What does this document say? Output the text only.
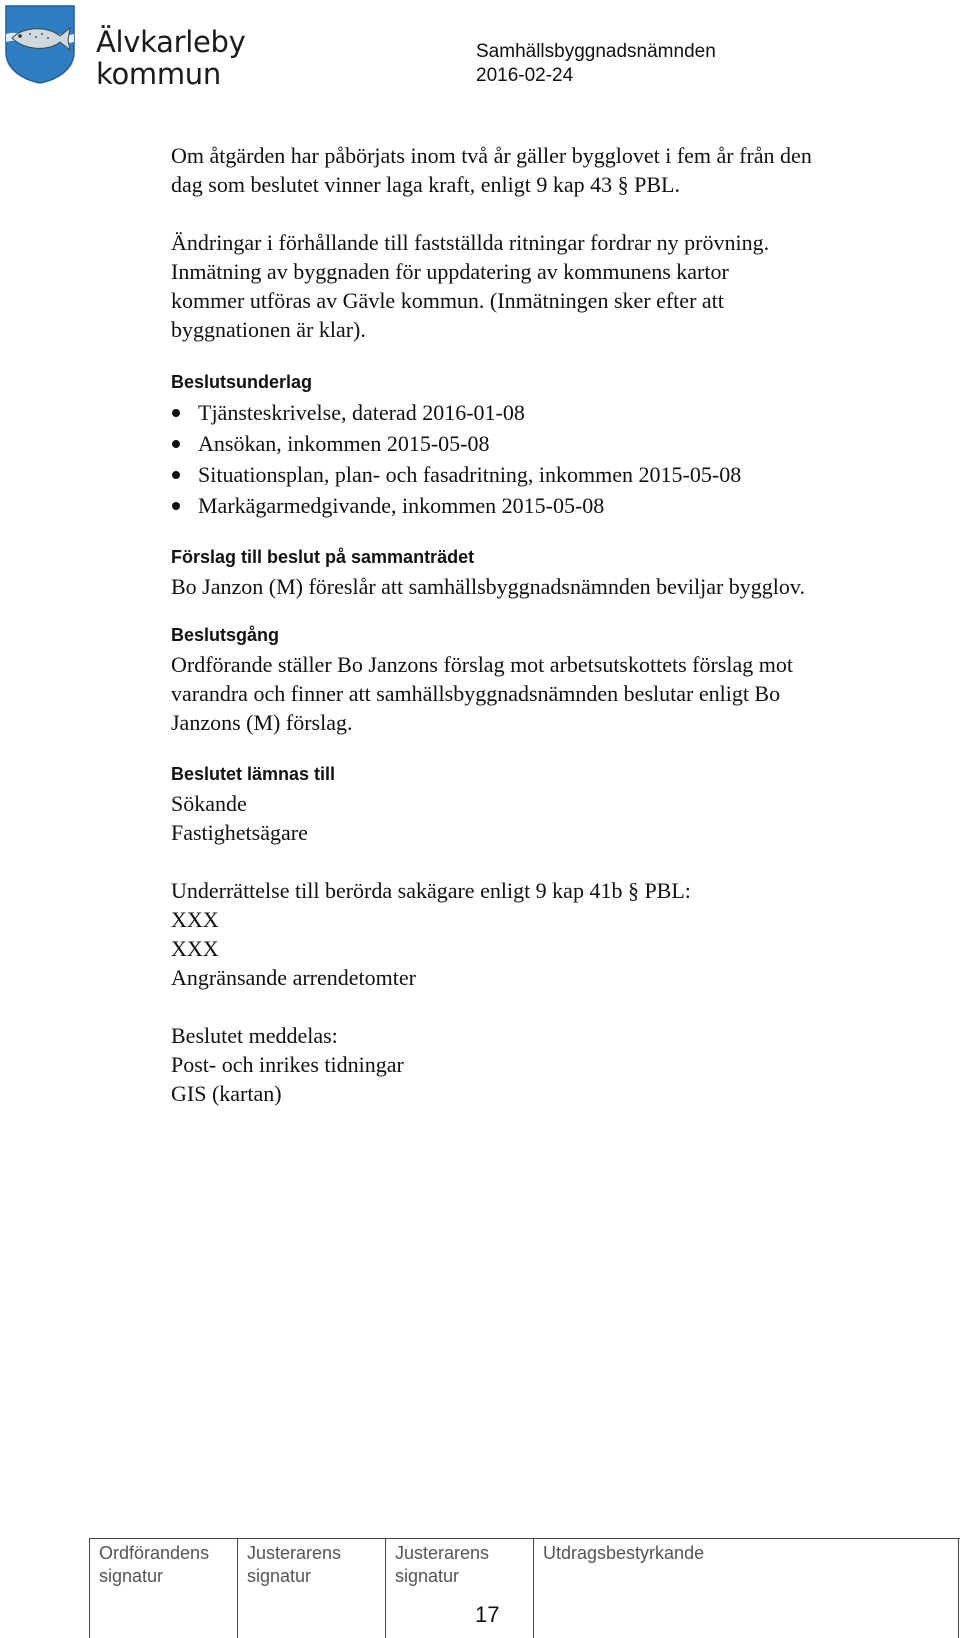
Älvkarleby
kommun
Samhällsbyggnadsnämnden
2016-02-24

Om åtgärden har påbörjats inom två år gäller bygglovet i fem år från den
dag som beslutet vinner laga kraft, enligt 9 kap 43 § PBL.

Ändringar i förhållande till fastställda ritningar fordrar ny prövning.
Inmätning av byggnaden för uppdatering av kommunens kartor
kommer utföras av Gävle kommun. (Inmätningen sker efter att
byggnationen är klar).

Beslutsunderlag

Tjänsteskrivelse, daterad 2016-01-08
Ansökan, inkommen 2015-05-08
Situationsplan, plan- och fasadritning, inkommen 2015-05-08
Markägarmedgivande, inkommen 2015-05-08

Förslag till beslut på sammanträdet

Bo Janzon (M) föreslår att samhällsbyggnadsnämnden beviljar bygglov.

Beslutsgång

Ordförande ställer Bo Janzons förslag mot arbetsutskottets förslag mot
varandra och finner att samhällsbyggnadsnämnden beslutar enligt Bo
Janzons (M) förslag.

Beslutet lämnas till

Sökande
Fastighetsägare

Underrättelse till berörda sakägare enligt 9 kap 41b § PBL:
XXX
XXX
Angränsande arrendetomter

Beslutet meddelas:
Post- och inrikes tidningar
GIS (kartan)

Ordförandens
signatur
Justerarens
signatur
Justerarens
signatur
Utdragsbestyrkande
17
